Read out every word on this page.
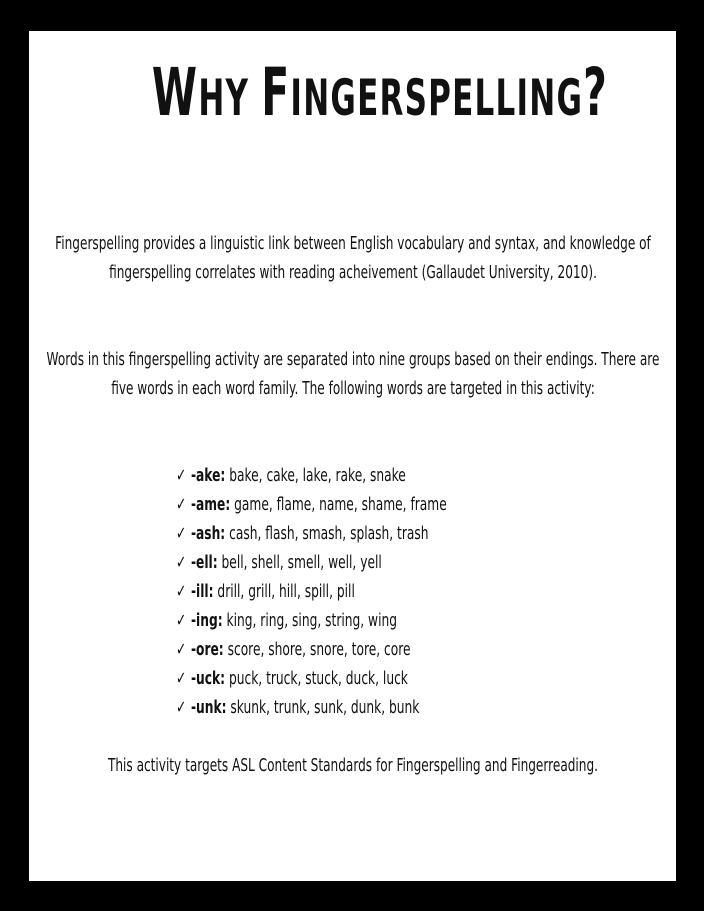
WHY FINGERSPELLING?
Fingerspelling provides a linguistic link between English vocabulary and syntax, and knowledge of fingerspelling correlates with reading acheivement (Gallaudet University, 2010).
Words in this fingerspelling activity are separated into nine groups based on their endings. There are five words in each word family. The following words are targeted in this activity:
✓ -ake: bake, cake, lake, rake, snake
✓ -ame: game, flame, name, shame, frame
✓ -ash: cash, flash, smash, splash, trash
✓ -ell: bell, shell, smell, well, yell
✓ -ill: drill, grill, hill, spill, pill
✓ -ing: king, ring, sing, string, wing
✓ -ore: score, shore, snore, tore, core
✓ -uck: puck, truck, stuck, duck, luck
✓ -unk: skunk, trunk, sunk, dunk, bunk
This activity targets ASL Content Standards for Fingerspelling and Fingerreading.
